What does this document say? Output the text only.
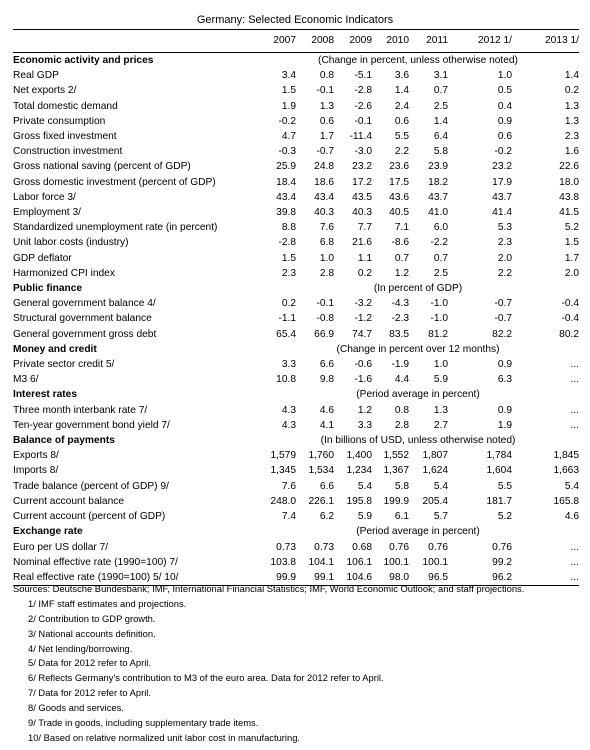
Germany: Selected Economic Indicators
	2007	2008	2009	2010	2011	2012 1/	2013 1/
Economic activity and prices	(Change in percent, unless otherwise noted)						
Real GDP	3.4	0.8	-5.1	3.6	3.1	1.0	1.4
Net exports 2/	1.5	-0.1	-2.8	1.4	0.7	0.5	0.2
Total domestic demand	1.9	1.3	-2.6	2.4	2.5	0.4	1.3
Private consumption	-0.2	0.6	-0.1	0.6	1.4	0.9	1.3
Gross fixed investment	4.7	1.7	-11.4	5.5	6.4	0.6	2.3
Construction investment	-0.3	-0.7	-3.0	2.2	5.8	-0.2	1.6
Gross national saving (percent of GDP)	25.9	24.8	23.2	23.6	23.9	23.2	22.6
Gross domestic investment (percent of GDP)	18.4	18.6	17.2	17.5	18.2	17.9	18.0
Labor force 3/	43.4	43.4	43.5	43.6	43.7	43.7	43.8
Employment 3/	39.8	40.3	40.3	40.5	41.0	41.4	41.5
Standardized unemployment rate (in percent)	8.8	7.6	7.7	7.1	6.0	5.3	5.2
Unit labor costs (industry)	-2.8	6.8	21.6	-8.6	-2.2	2.3	1.5
GDP deflator	1.5	1.0	1.1	0.7	0.7	2.0	1.7
Harmonized CPI index	2.3	2.8	0.2	1.2	2.5	2.2	2.0
Public finance	(In percent of GDP)						
General government balance 4/	0.2	-0.1	-3.2	-4.3	-1.0	-0.7	-0.4
Structural government balance	-1.1	-0.8	-1.2	-2.3	-1.0	-0.7	-0.4
General government gross debt	65.4	66.9	74.7	83.5	81.2	82.2	80.2
Money and credit	(Change in percent over 12 months)						
Private sector credit 5/	3.3	6.6	-0.6	-1.9	1.0	0.9	...
M3 6/	10.8	9.8	-1.6	4.4	5.9	6.3	...
Interest rates	(Period average in percent)						
Three month interbank rate 7/	4.3	4.6	1.2	0.8	1.3	0.9	...
Ten-year government bond yield 7/	4.3	4.1	3.3	2.8	2.7	1.9	...
Balance of payments	(In billions of USD, unless otherwise noted)						
Exports 8/	1,579	1,760	1,400	1,552	1,807	1,784	1,845
Imports 8/	1,345	1,534	1,234	1,367	1,624	1,604	1,663
Trade balance (percent of GDP) 9/	7.6	6.6	5.4	5.8	5.4	5.5	5.4
Current account balance	248.0	226.1	195.8	199.9	205.4	181.7	165.8
Current account (percent of GDP)	7.4	6.2	5.9	6.1	5.7	5.2	4.6
Exchange rate	(Period average in percent)						
Euro per US dollar 7/	0.73	0.73	0.68	0.76	0.76	0.76	...
Nominal effective rate (1990=100) 7/	103.8	104.1	106.1	100.1	100.1	99.2	...
Real effective rate (1990=100) 5/ 10/	99.9	99.1	104.6	98.0	96.5	96.2	...
Sources: Deutsche Bundesbank; IMF, International Financial Statistics; IMF, World Economic Outlook; and staff projections.
1/ IMF staff estimates and projections.
2/ Contribution to GDP growth.
3/ National accounts definition.
4/ Net lending/borrowing.
5/ Data for 2012 refer to April.
6/ Reflects Germany's contribution to M3 of the euro area. Data for 2012 refer to April.
7/ Data for 2012 refer to April.
8/ Goods and services.
9/ Trade in goods, including supplementary trade items.
10/ Based on relative normalized unit labor cost in manufacturing.
